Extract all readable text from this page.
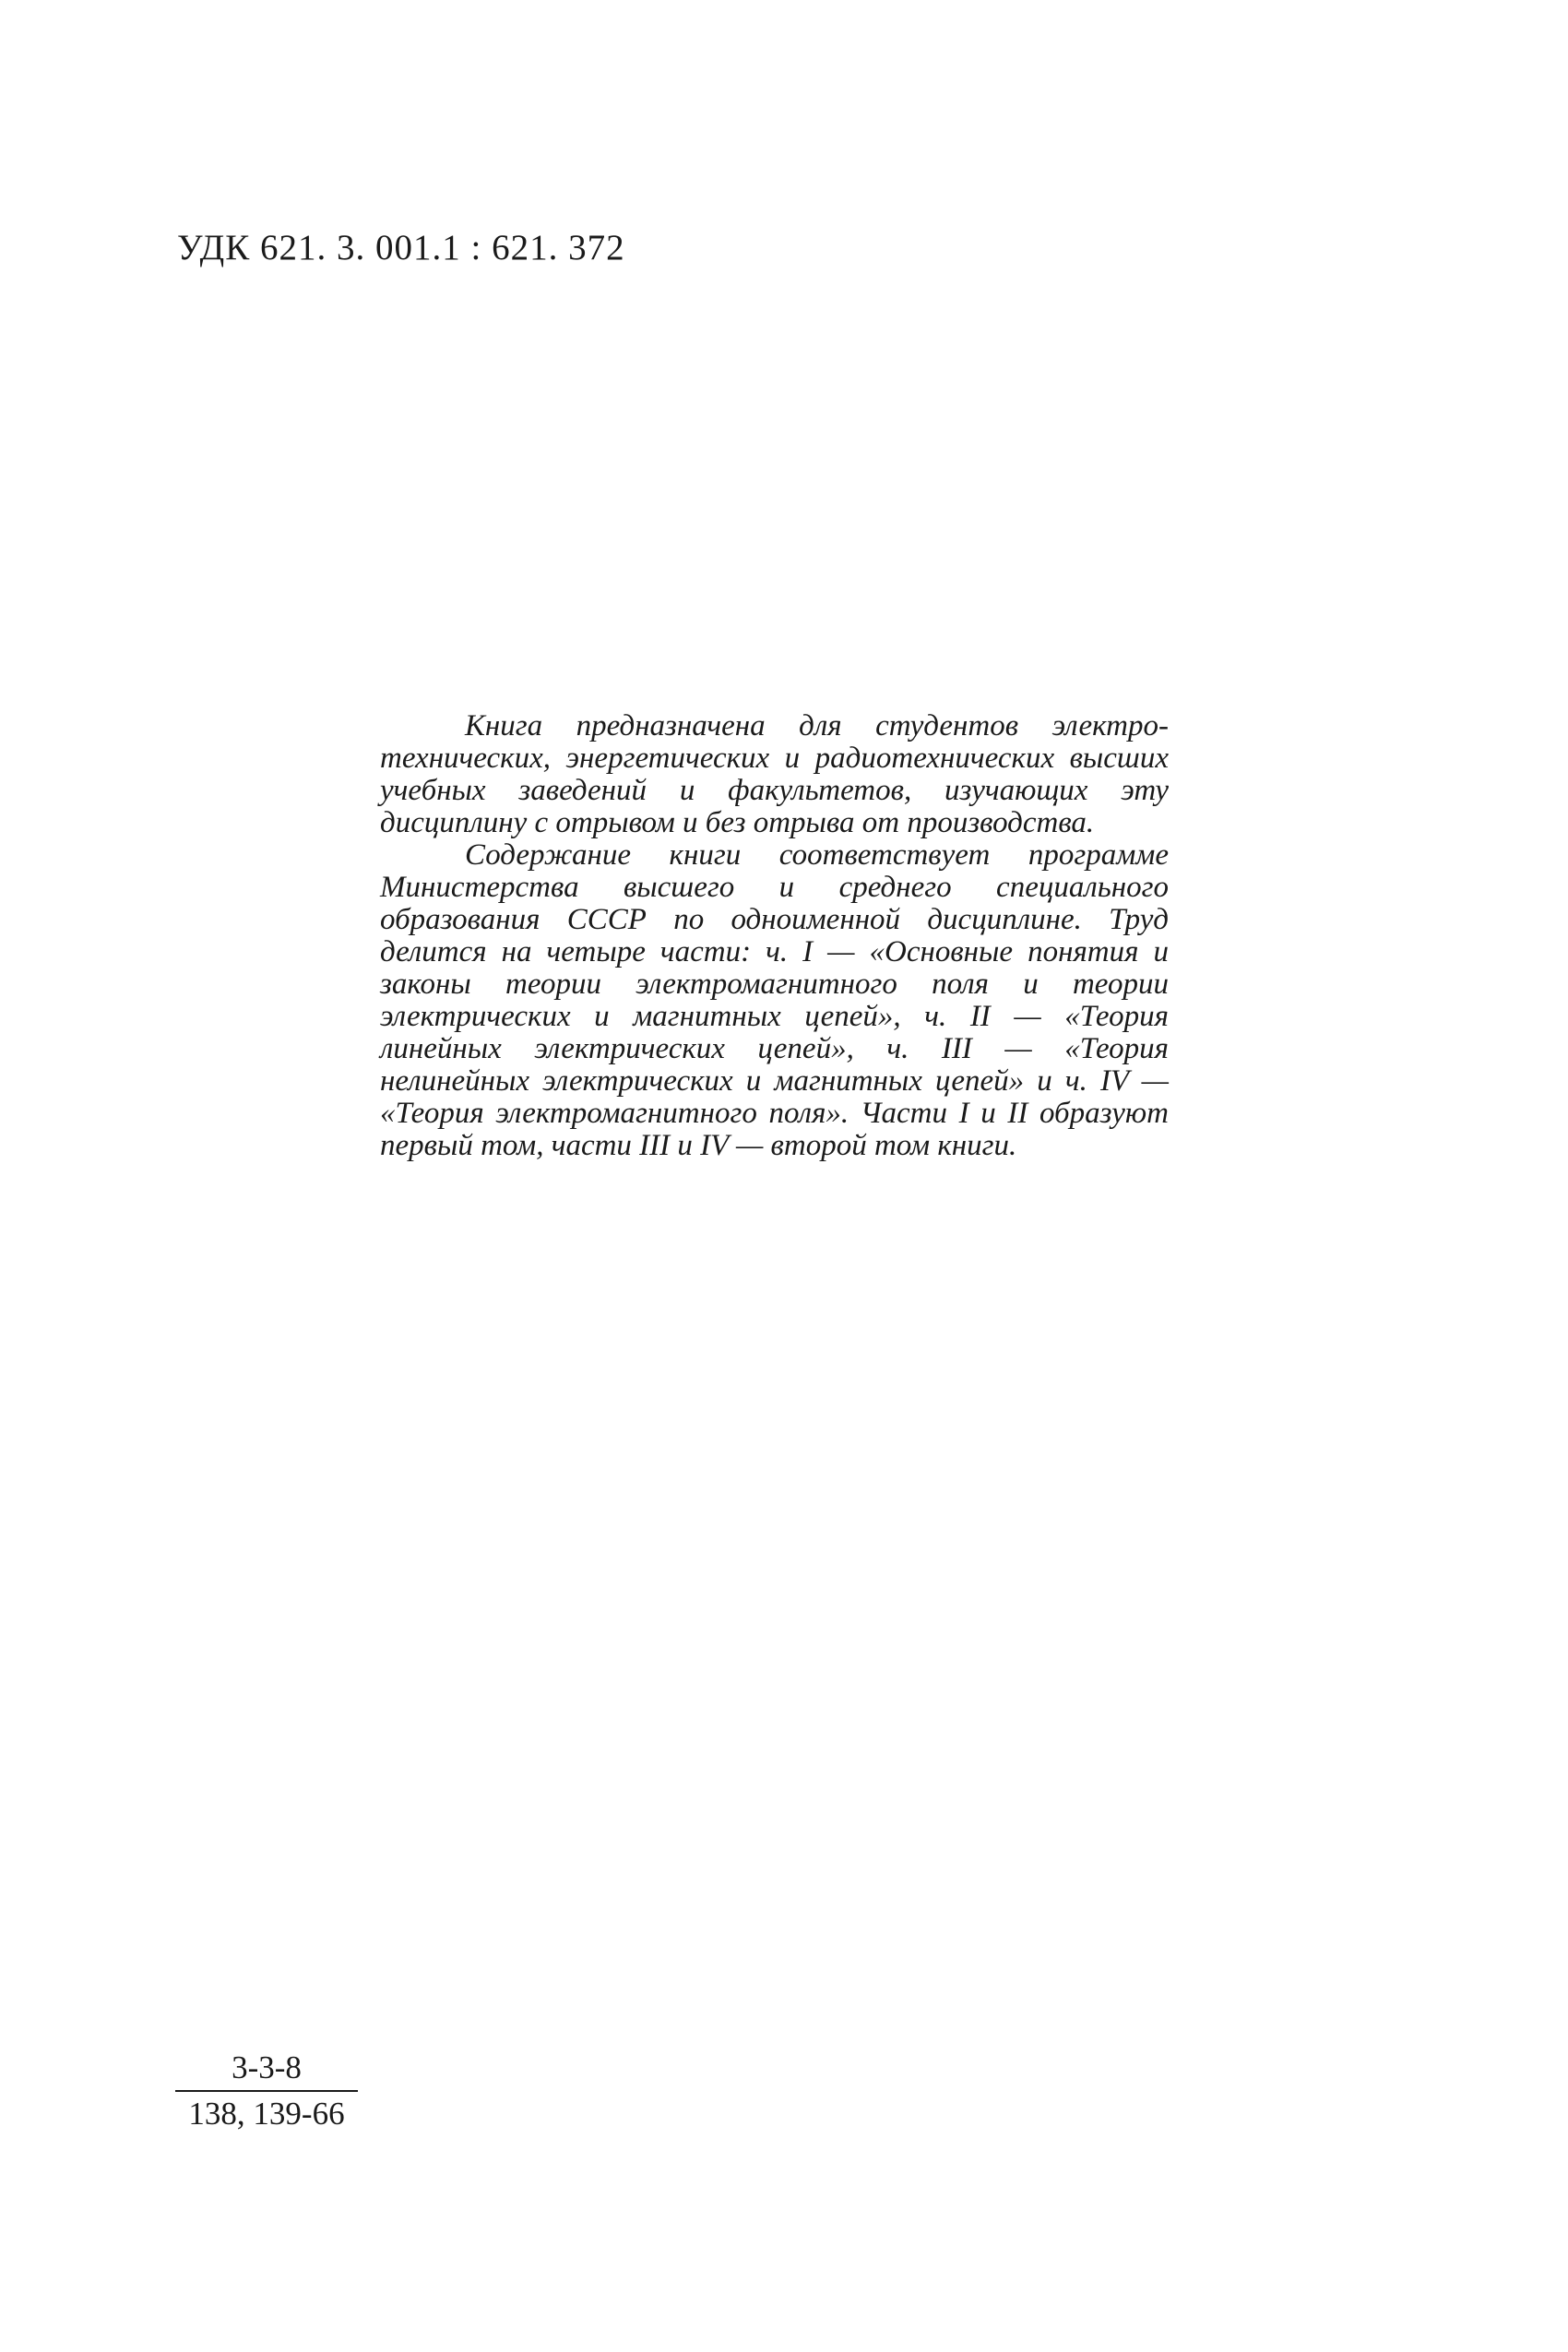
УДК 621. 3. 001.1 : 621. 372

Книга предназначена для студентов электротехнических, энергетических и радиотехнических высших учебных заведений и факультетов, изучающих эту дисциплину с отрывом и без отрыва от производства.

Содержание книги соответствует программе Министерства высшего и среднего специального образования СССР по одноименной дисциплине. Труд делится на четыре части: ч. I — «Основные понятия и законы теории электромагнитного поля и теории электрических и магнитных цепей», ч. II — «Теория линейных электрических цепей», ч. III — «Теория нелинейных электрических и магнитных цепей» и ч. IV — «Теория электромагнитного поля». Части I и II образуют первый том, части III и IV — второй том книги.

$\frac{3-3-8}{138, 139-66}$
